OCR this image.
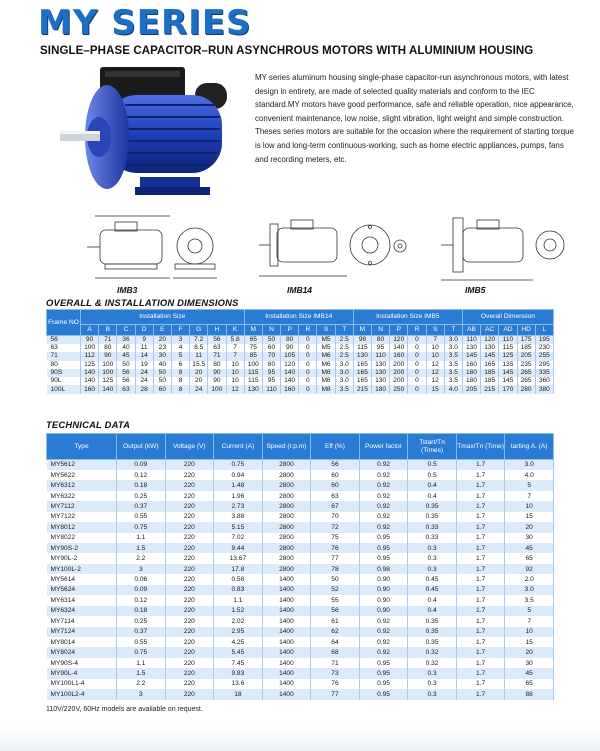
MY SERIES
SINGLE–PHASE CAPACITOR–RUN ASYNCHROUS MOTORS WITH ALUMINIUM HOUSING

MY series aluminum housing single-phase capacitor-run asynchronous motors, with latest design in entirety, are made of selected quality materials and conform to the IEC standard.MY motors have good performance, safe and reliable operation, nice appearance, convenient maintenance, low noise, slight vibration, light weight and simple construction.

Theses series motors are suitable for the occasion where the requirement of starting torque is low and long-term continuous-working, such as home electric appliances, pumps, fans and recording meters, etc.

IMB3	IMB14	IMB5
OVERALL & INSTALLATION DIMENSIONS
Frame NO	Installation Size									Installation Size IMB14						Installation Size IMB5						Overall Dimension				
	A	B	C	D	E	F	G	H	K	M	N	P	R	S	T	M	N	P	R	S	T	AB	AC	AD	HD	L
56	90	71	36	9	20	3	7.2	56	5.8	65	50	80	0	M5	2.5	98	80	120	0	7	3.0	110	120	110	175	195
63	100	80	40	11	23	4	8.5	63	7	75	60	90	0	M5	2.5	115	95	140	0	10	3.0	130	130	115	185	230
71	112	90	45	14	30	5	11	71	7	85	70	105	0	M6	2.5	130	110	160	0	10	3.5	145	145	125	205	255
80	125	100	50	19	40	6	15.5	80	10	100	80	120	0	M6	3.0	165	130	200	0	12	3.5	160	165	135	235	295
90S	140	100	56	24	50	8	20	90	10	115	95	140	0	M8	3.0	165	130	200	0	12	3.5	180	185	145	265	335
90L	140	125	56	24	50	8	20	90	10	115	95	140	0	M8	3.0	165	130	200	0	12	3.5	180	185	145	265	360
100L	160	140	63	28	60	8	24	100	12	130	110	160	0	M8	3.5	215	180	250	0	15	4.0	205	215	170	280	380
TECHNICAL DATA
Type	Output (kW)	Voltage (V)	Current (A)	Speed (r.p.m)	Eff (%)	Power factor	Tstart/Tn (Times)	Tmax/Tn (Time)	tarting A. (A)
MY5612	0.09	220	0.75	2800	56	0.92	0.5	1.7	3.0
MY5622	0.12	220	0.94	2800	60	0.92	0.5	1.7	4.0
MY6312	0.18	220	1.48	2800	60	0.92	0.4	1.7	5
MY6322	0.25	220	1.96	2800	63	0.92	0.4	1.7	7
MY7112	0.37	220	2.73	2800	67	0.92	0.35	1.7	10
MY7122	0.55	220	3.88	2800	70	0.92	0.35	1.7	15
MY8012	0.75	220	5.15	2800	72	0.92	0.33	1.7	20
MY8022	1.1	220	7.02	2800	75	0.95	0.33	1.7	30
MY90S-2	1.5	220	9.44	2800	76	0.95	0.3	1.7	45
MY90L-2	2.2	220	13.67	2800	77	0.95	0.3	1.7	65
MY100L-2	3	220	17.8	2800	78	0.98	0.3	1.7	92
MY5614	0.06	220	0.58	1400	50	0.90	0.45	1.7	2.0
MY5624	0.09	220	0.83	1400	52	0.90	0.45	1.7	3.0
MY6314	0.12	220	1.1	1400	55	0.90	0.4	1.7	3.5
MY6324	0.18	220	1.52	1400	56	0.90	0.4	1.7	5
MY7114	0.25	220	2.02	1400	61	0.92	0.35	1.7	7
MY7124	0.37	220	2.95	1400	62	0.92	0.35	1.7	10
MY8014	0.55	220	4.25	1400	64	0.92	0.35	1.7	15
MY8024	0.75	220	5.45	1400	68	0.92	0.32	1.7	20
MY90S-4	1.1	220	7.45	1400	71	0.95	0.32	1.7	30
MY90L-4	1.5	220	9.83	1400	73	0.95	0.3	1.7	45
MY100L1-4	2.2	220	13.6	1400	76	0.95	0.3	1.7	65
MY100L2-4	3	220	18	1400	77	0.95	0.3	1.7	88
110V/220V, 60Hz models are available on request.
